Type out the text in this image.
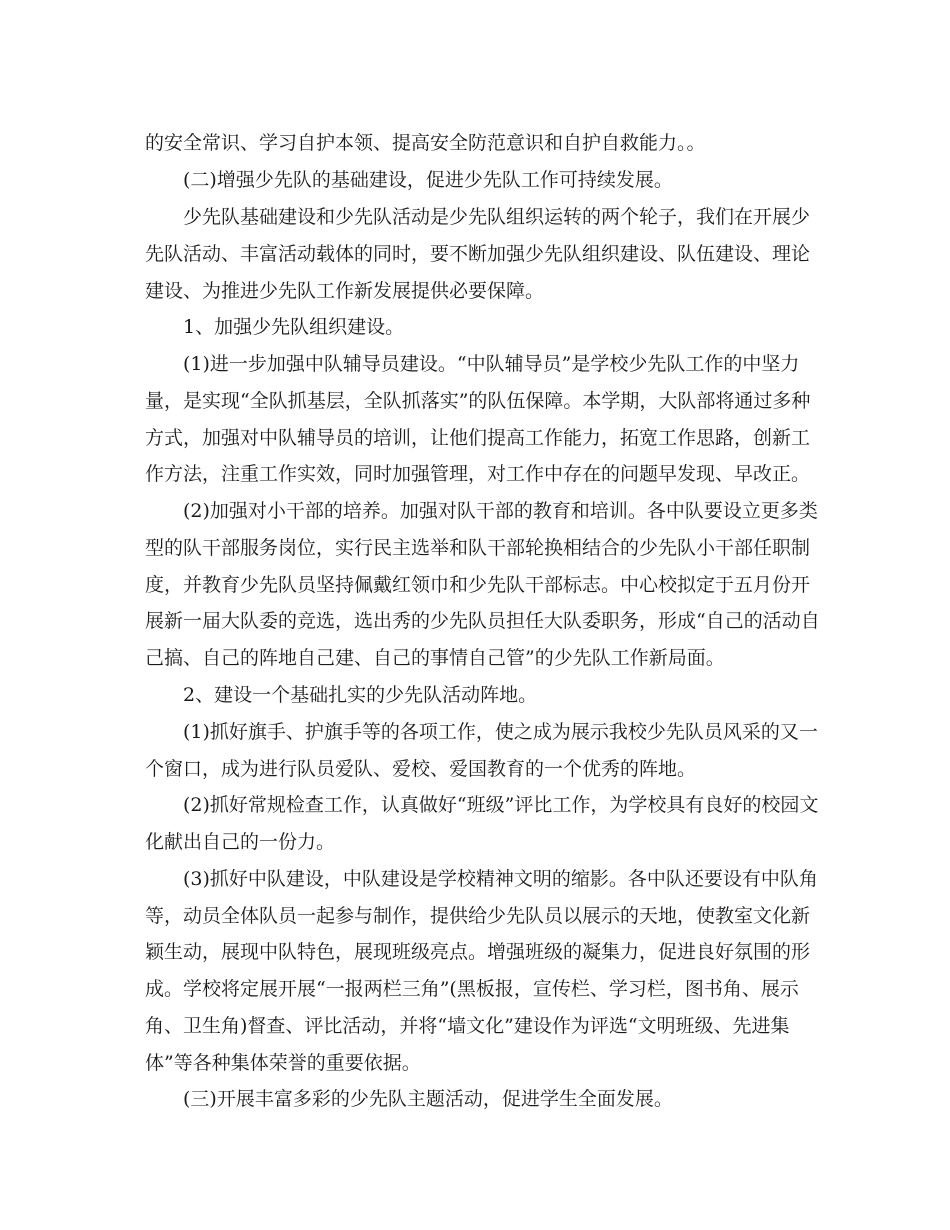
的安全常识、学习自护本领、提高安全防范意识和自护自救能力。。

(二)增强少先队的基础建设，促进少先队工作可持续发展。

少先队基础建设和少先队活动是少先队组织运转的两个轮子，我们在开展少

先队活动、丰富活动载体的同时，要不断加强少先队组织建设、队伍建设、理论

建设、为推进少先队工作新发展提供必要保障。

1、加强少先队组织建设。

(1)进一步加强中队辅导员建设。“中队辅导员”是学校少先队工作的中坚力

量，是实现“全队抓基层，全队抓落实”的队伍保障。本学期，大队部将通过多种

方式，加强对中队辅导员的培训，让他们提高工作能力，拓宽工作思路，创新工

作方法，注重工作实效，同时加强管理，对工作中存在的问题早发现、早改正。

(2)加强对小干部的培养。加强对队干部的教育和培训。各中队要设立更多类

型的队干部服务岗位，实行民主选举和队干部轮换相结合的少先队小干部任职制

度，并教育少先队员坚持佩戴红领巾和少先队干部标志。中心校拟定于五月份开

展新一届大队委的竞选，选出秀的少先队员担任大队委职务，形成“自己的活动自

己搞、自己的阵地自己建、自己的事情自己管”的少先队工作新局面。

2、建设一个基础扎实的少先队活动阵地。

(1)抓好旗手、护旗手等的各项工作，使之成为展示我校少先队员风采的又一

个窗口，成为进行队员爱队、爱校、爱国教育的一个优秀的阵地。

(2)抓好常规检查工作，认真做好“班级”评比工作，为学校具有良好的校园文

化献出自己的一份力。

(3)抓好中队建设，中队建设是学校精神文明的缩影。各中队还要设有中队角

等，动员全体队员一起参与制作，提供给少先队员以展示的天地，使教室文化新

颖生动，展现中队特色，展现班级亮点。增强班级的凝集力，促进良好氛围的形

成。学校将定展开展“一报两栏三角”(黑板报，宣传栏、学习栏，图书角、展示

角、卫生角)督查、评比活动，并将“墙文化”建设作为评选“文明班级、先进集

体”等各种集体荣誉的重要依据。

(三)开展丰富多彩的少先队主题活动，促进学生全面发展。
